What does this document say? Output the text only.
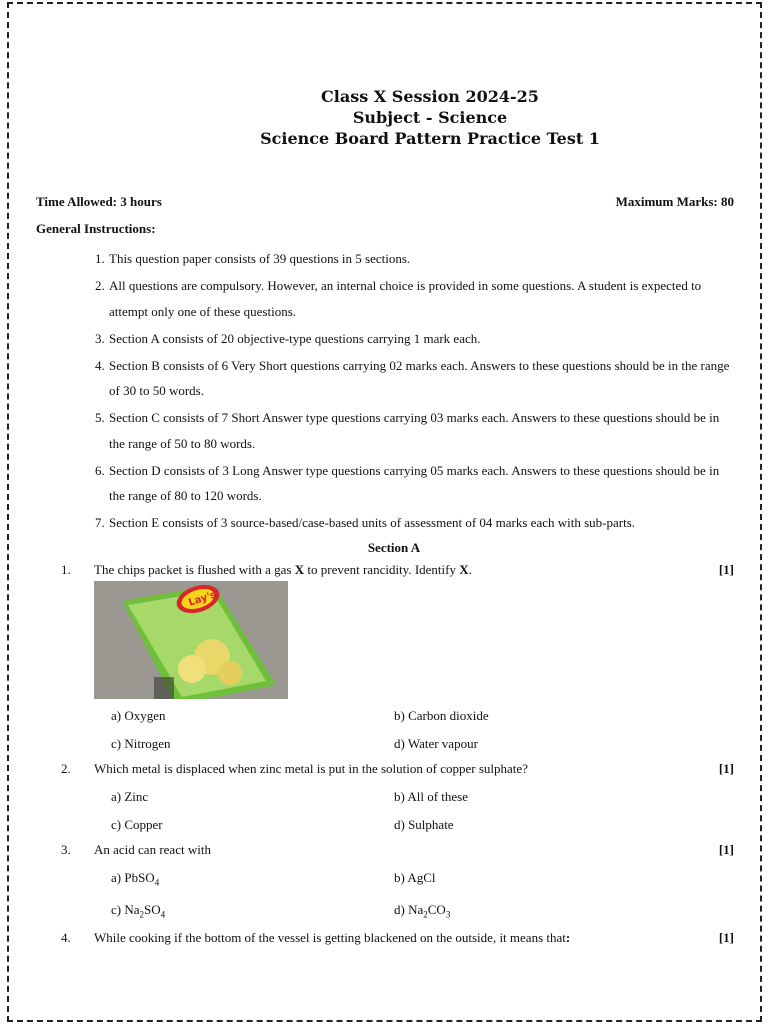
Class X Session 2024-25
Subject - Science
Science Board Pattern Practice Test 1
Time Allowed: 3 hours	Maximum Marks: 80
General Instructions:
1. This question paper consists of 39 questions in 5 sections.
2. All questions are compulsory. However, an internal choice is provided in some questions. A student is expected to attempt only one of these questions.
3. Section A consists of 20 objective-type questions carrying 1 mark each.
4. Section B consists of 6 Very Short questions carrying 02 marks each. Answers to these questions should be in the range of 30 to 50 words.
5. Section C consists of 7 Short Answer type questions carrying 03 marks each. Answers to these questions should be in the range of 50 to 80 words.
6. Section D consists of 3 Long Answer type questions carrying 05 marks each. Answers to these questions should be in the range of 80 to 120 words.
7. Section E consists of 3 source-based/case-based units of assessment of 04 marks each with sub-parts.
Section A
1. The chips packet is flushed with a gas X to prevent rancidity. Identify X.	[1]
Lay's
a) Oxygen	b) Carbon dioxide
c) Nitrogen	d) Water vapour
2. Which metal is displaced when zinc metal is put in the solution of copper sulphate?	[1]
a) Zinc	b) All of these
c) Copper	d) Sulphate
3. An acid can react with	[1]
a) PbSO$_4$	b) AgCl
c) $Na_2SO_4$	d) $Na_2CO_3$
4. While cooking if the bottom of the vessel is getting blackened on the outside, it means that:	[1]
